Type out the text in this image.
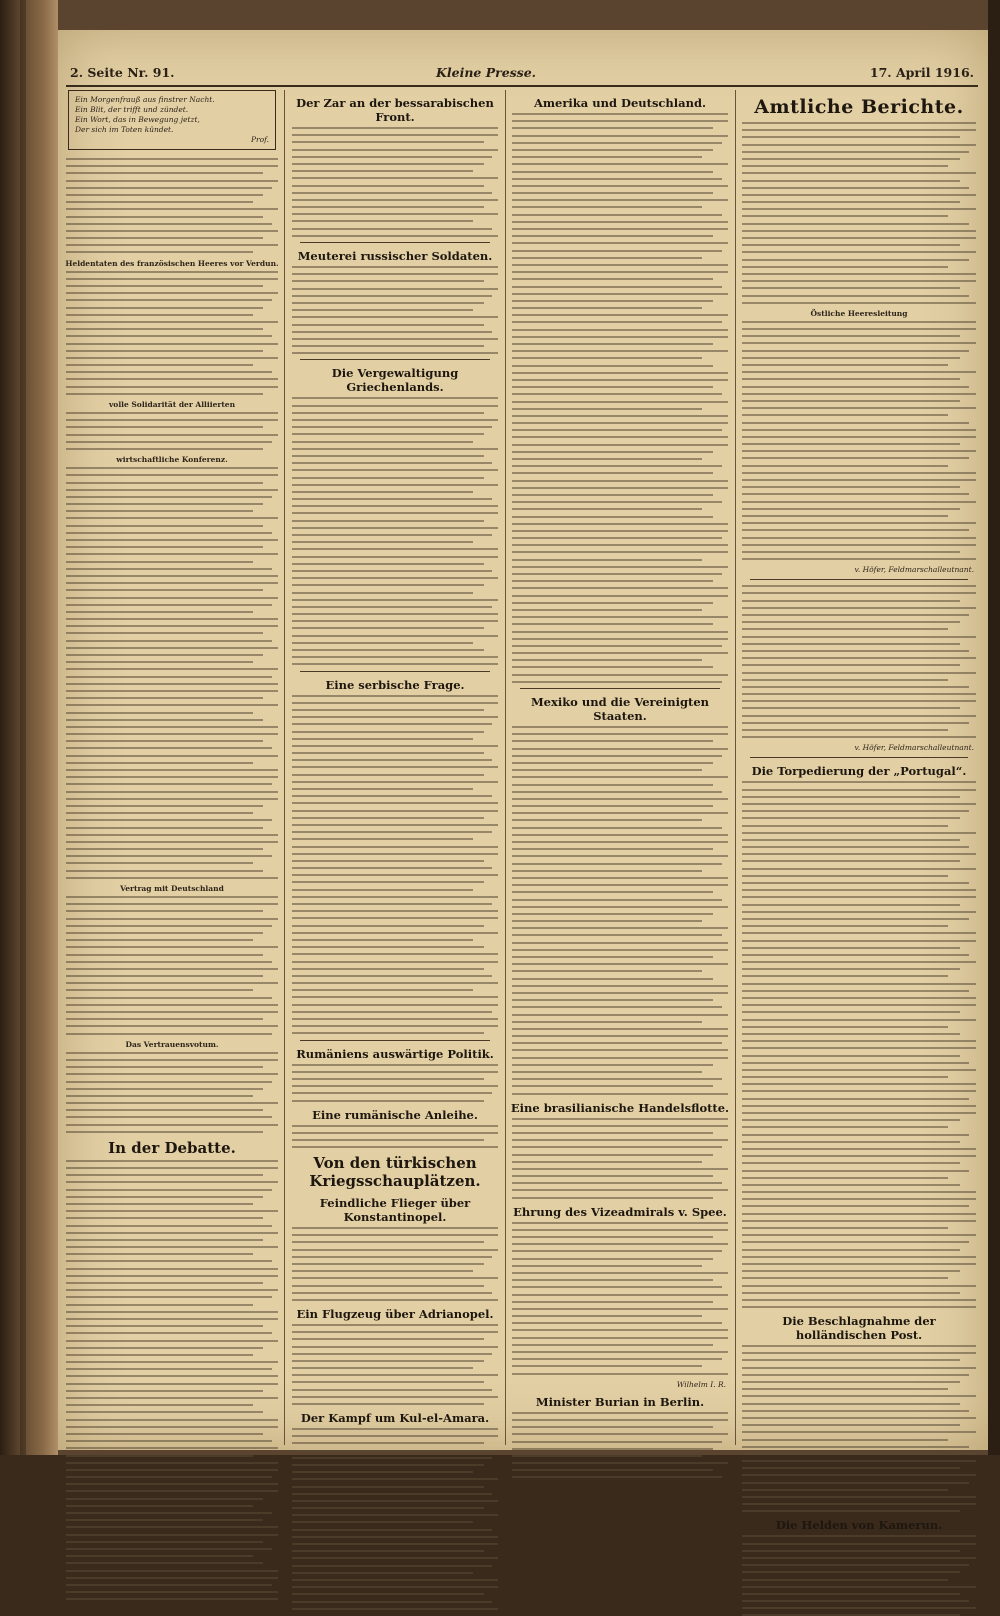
2. Seite Nr. 91.	Kleine Presse.	17. April 1916.
Ein Morgenfrauß aus finstrer Nacht.
Ein Blit, der trifft und zündet.
Ein Wort, das in Bewegung jetzt,
Der sich im Toten kündet.
Prof.
Heldentaten des französischen Heeres vor Verdun.
volle Solidarität der Alliierten
wirtschaftliche Konferenz.
Vertrag mit Deutschland
Das Vertrauensvotum.
In der Debatte.
Der Zar an der bessarabischen Front.
Meuterei russischer Soldaten.
Die Vergewaltigung Griechenlands.
Eine serbische Frage.
Rumäniens auswärtige Politik.
Eine rumänische Anleihe.
Von den türkischen Kriegsschauplätzen.
Feindliche Flieger über Konstantinopel.
Ein Flugzeug über Adrianopel.
Der Kampf um Kul-el-Amara.
Amerika und Deutschland.
Mexiko und die Vereinigten Staaten.
Eine brasilianische Handelsflotte.
Ehrung des Vizeadmirals v. Spee.
Wilhelm I. R.
Minister Burian in Berlin.
Amtliche Berichte.
Östliche Heeresleitung
v. Höfer, Feldmarschalleutnant.
v. Höfer, Feldmarschalleutnant.
Die Torpedierung der „Portugal“.
Die Beschlagnahme der holländischen Post.
Die Helden von Kamerun.
